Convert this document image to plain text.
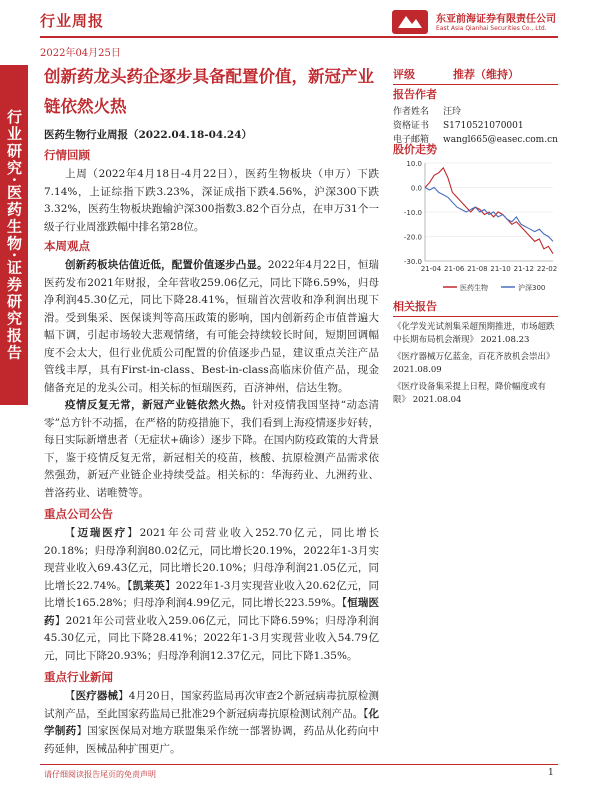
行业周报
2022年04月25日
东亚前海证券有限责任公司
East Asia Qianhai Securities Co., Ltd.
行业研究·医药生物·证券研究报告
创新药龙头药企逐步具备配置价值，新冠产业链依然火热
医药生物行业周报（2022.04.18-04.24）
行情回顾
上周（2022年4月18日-4月22日），医药生物板块（申万）下跌7.14%，上证综指下跌3.23%，深证成指下跌4.56%，沪深300下跌3.32%，医药生物板块跑输沪深300指数3.82个百分点，在申万31个一级子行业周涨跌幅中排名第28位。
本周观点
创新药板块估值近低，配置价值逐步凸显。2022年4月22日，恒瑞医药发布2021年财报，全年营收259.06亿元，同比下降6.59%，归母净利润45.30亿元，同比下降28.41%，恒瑞首次营收和净利润出现下滑。受到集采、医保谈判等高压政策的影响，国内创新药企市值普遍大幅下调，引起市场较大悲观情绪，有可能会持续较长时间，短期回调幅度不会太大，但行业优质公司配置的价值逐步凸显，建议重点关注产品管线丰厚，具有First-in-class、Best-in-class高临床价值产品，现金储备充足的龙头公司。相关标的恒瑞医药，百济神州，信达生物。
疫情反复无常，新冠产业链依然火热。针对疫情我国坚持“动态清零”总方针不动摇，在严格的防疫措施下，我们看到上海疫情逐步好转，每日实际新增患者（无症状+确诊）逐步下降。在国内防疫政策的大背景下，鉴于疫情反复无常，新冠相关的疫苗，核酸、抗原检测产品需求依然强劲，新冠产业链企业持续受益。相关标的：华海药业、九洲药业、普洛药业、诺唯赞等。
重点公司公告
【迈瑞医疗】2021年公司营业收入252.70亿元，同比增长20.18%；归母净利润80.02亿元，同比增长20.19%，2022年1-3月实现营业收入69.43亿元，同比增长20.10%；归母净利润21.05亿元，同比增长22.74%。【凯莱英】2022年1-3月实现营业收入20.62亿元，同比增长165.28%；归母净利润4.99亿元，同比增长223.59%。【恒瑞医药】2021年公司营业收入259.06亿元，同比下降6.59%；归母净利润45.30亿元，同比下降28.41%；2022年1-3月实现营业收入54.79亿元，同比下降20.93%；归母净利润12.37亿元，同比下降1.35%。
重点行业新闻
【医疗器械】4月20日，国家药监局再次审查2个新冠病毒抗原检测试剂产品，至此国家药监局已批准29个新冠病毒抗原检测试剂产品。【化学制药】国家医保局对地方联盟集采作统一部署协调，药品从化药向中药延伸，医械品种扩围更广。
评级	推荐（维持）
报告作者
作者姓名	汪玲
资格证书	S1710521070001
电子邮箱	wangl665@easec.com.cn
股价走势
10.0
0.0
-10.0
-20.0
-30.0
21-04 21-06 21-08 21-10 21-12 22-02
医药生物	沪深300
相关报告
《化学发光试剂集采超预期推进，市场超跌中长期布局机会渐现》 2021.08.23
《医疗器械万亿蓝金，百花齐放机会崇出》 2021.08.09
《医疗设备集采提上日程，降价幅度或有限》 2021.08.04
请仔细阅读报告尾页的免责声明	1
